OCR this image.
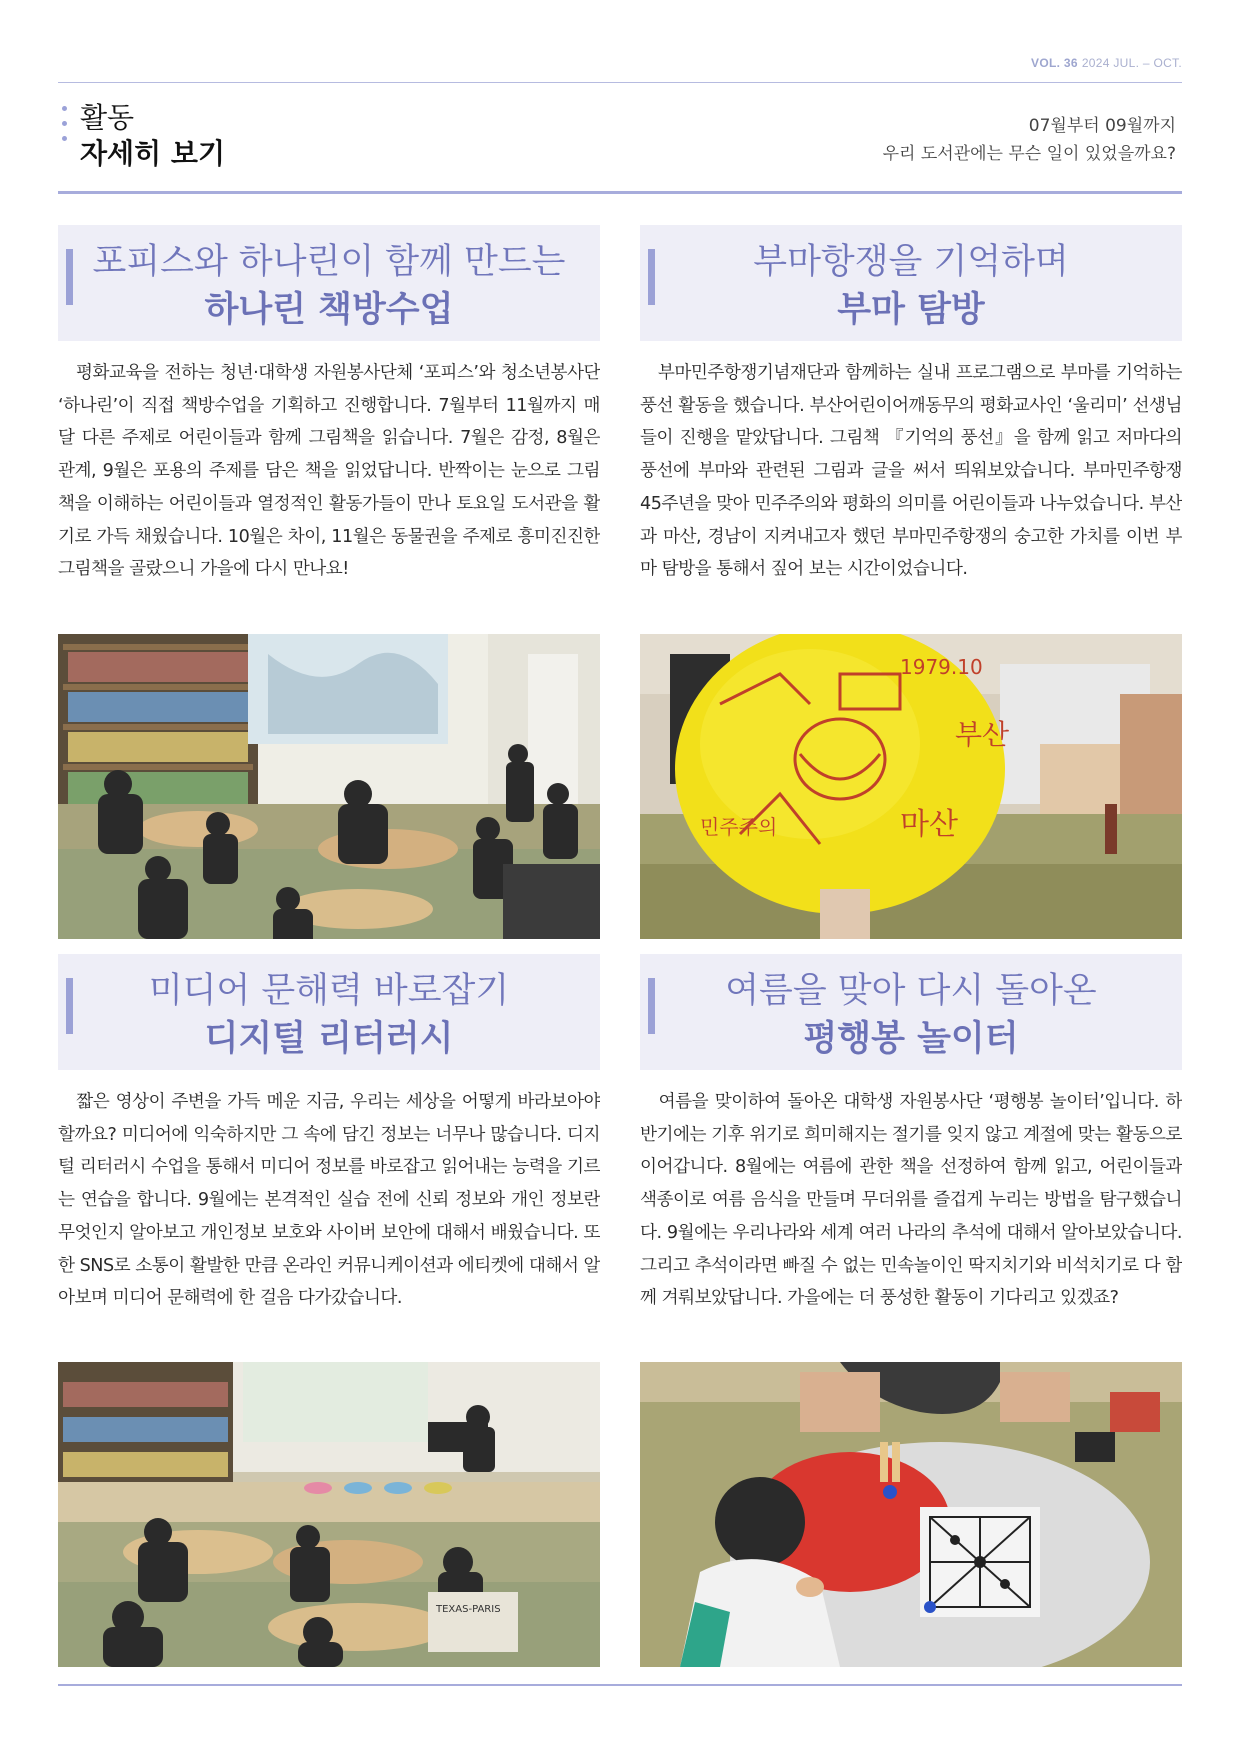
VOL. 36 2024 JUL. – OCT.
활동
자세히 보기
07월부터 09월까지
우리 도서관에는 무슨 일이 있었을까요?
포피스와 하나린이 함께 만드는
하나린 책방수업

　평화교육을 전하는 청년·대학생 자원봉사단체 ‘포피스’와 청소년봉사단 ‘하나린’이 직접 책방수업을 기획하고 진행합니다. 7월부터 11월까지 매 달 다른 주제로 어린이들과 함께 그림책을 읽습니다. 7월은 감정, 8월은 관계, 9월은 포용의 주제를 담은 책을 읽었답니다. 반짝이는 눈으로 그림책을 이해하는 어린이들과 열정적인 활동가들이 만나 토요일 도서관을 활기로 가득 채웠습니다. 10월은 차이, 11월은 동물권을 주제로 흥미진진한 그림책을 골랐으니 가을에 다시 만나요!

부마항쟁을 기억하며
부마 탐방

　부마민주항쟁기념재단과 함께하는 실내 프로그램으로 부마를 기억하는 풍선 활동을 했습니다. 부산어린이어깨동무의 평화교사인 ‘울리미’ 선생님들이 진행을 맡았답니다. 그림책 『기억의 풍선』을 함께 읽고 저마다의 풍선에 부마와 관련된 그림과 글을 써서 띄워보았습니다. 부마민주항쟁 45주년을 맞아 민주주의와 평화의 의미를 어린이들과 나누었습니다. 부산과 마산, 경남이 지켜내고자 했던 부마민주항쟁의 숭고한 가치를 이번 부마 탐방을 통해서 짚어 보는 시간이었습니다.

1979.10
부산
마산
민주주의
미디어 문해력 바로잡기
디지털 리터러시

　짧은 영상이 주변을 가득 메운 지금, 우리는 세상을 어떻게 바라보아야 할까요? 미디어에 익숙하지만 그 속에 담긴 정보는 너무나 많습니다. 디지털 리터러시 수업을 통해서 미디어 정보를 바로잡고 읽어내는 능력을 기르는 연습을 합니다. 9월에는 본격적인 실습 전에 신뢰 정보와 개인 정보란 무엇인지 알아보고 개인정보 보호와 사이버 보안에 대해서 배웠습니다. 또한 SNS로 소통이 활발한 만큼 온라인 커뮤니케이션과 에티켓에 대해서 알아보며 미디어 문해력에 한 걸음 다가갔습니다.

TEXAS-PARIS
여름을 맞아 다시 돌아온
평행봉 놀이터

　여름을 맞이하여 돌아온 대학생 자원봉사단 ‘평행봉 놀이터’입니다. 하반기에는 기후 위기로 희미해지는 절기를 잊지 않고 계절에 맞는 활동으로 이어갑니다. 8월에는 여름에 관한 책을 선정하여 함께 읽고, 어린이들과 색종이로 여름 음식을 만들며 무더위를 즐겁게 누리는 방법을 탐구했습니다. 9월에는 우리나라와 세계 여러 나라의 추석에 대해서 알아보았습니다. 그리고 추석이라면 빠질 수 없는 민속놀이인 딱지치기와 비석치기로 다 함께 겨뤄보았답니다. 가을에는 더 풍성한 활동이 기다리고 있겠죠?
